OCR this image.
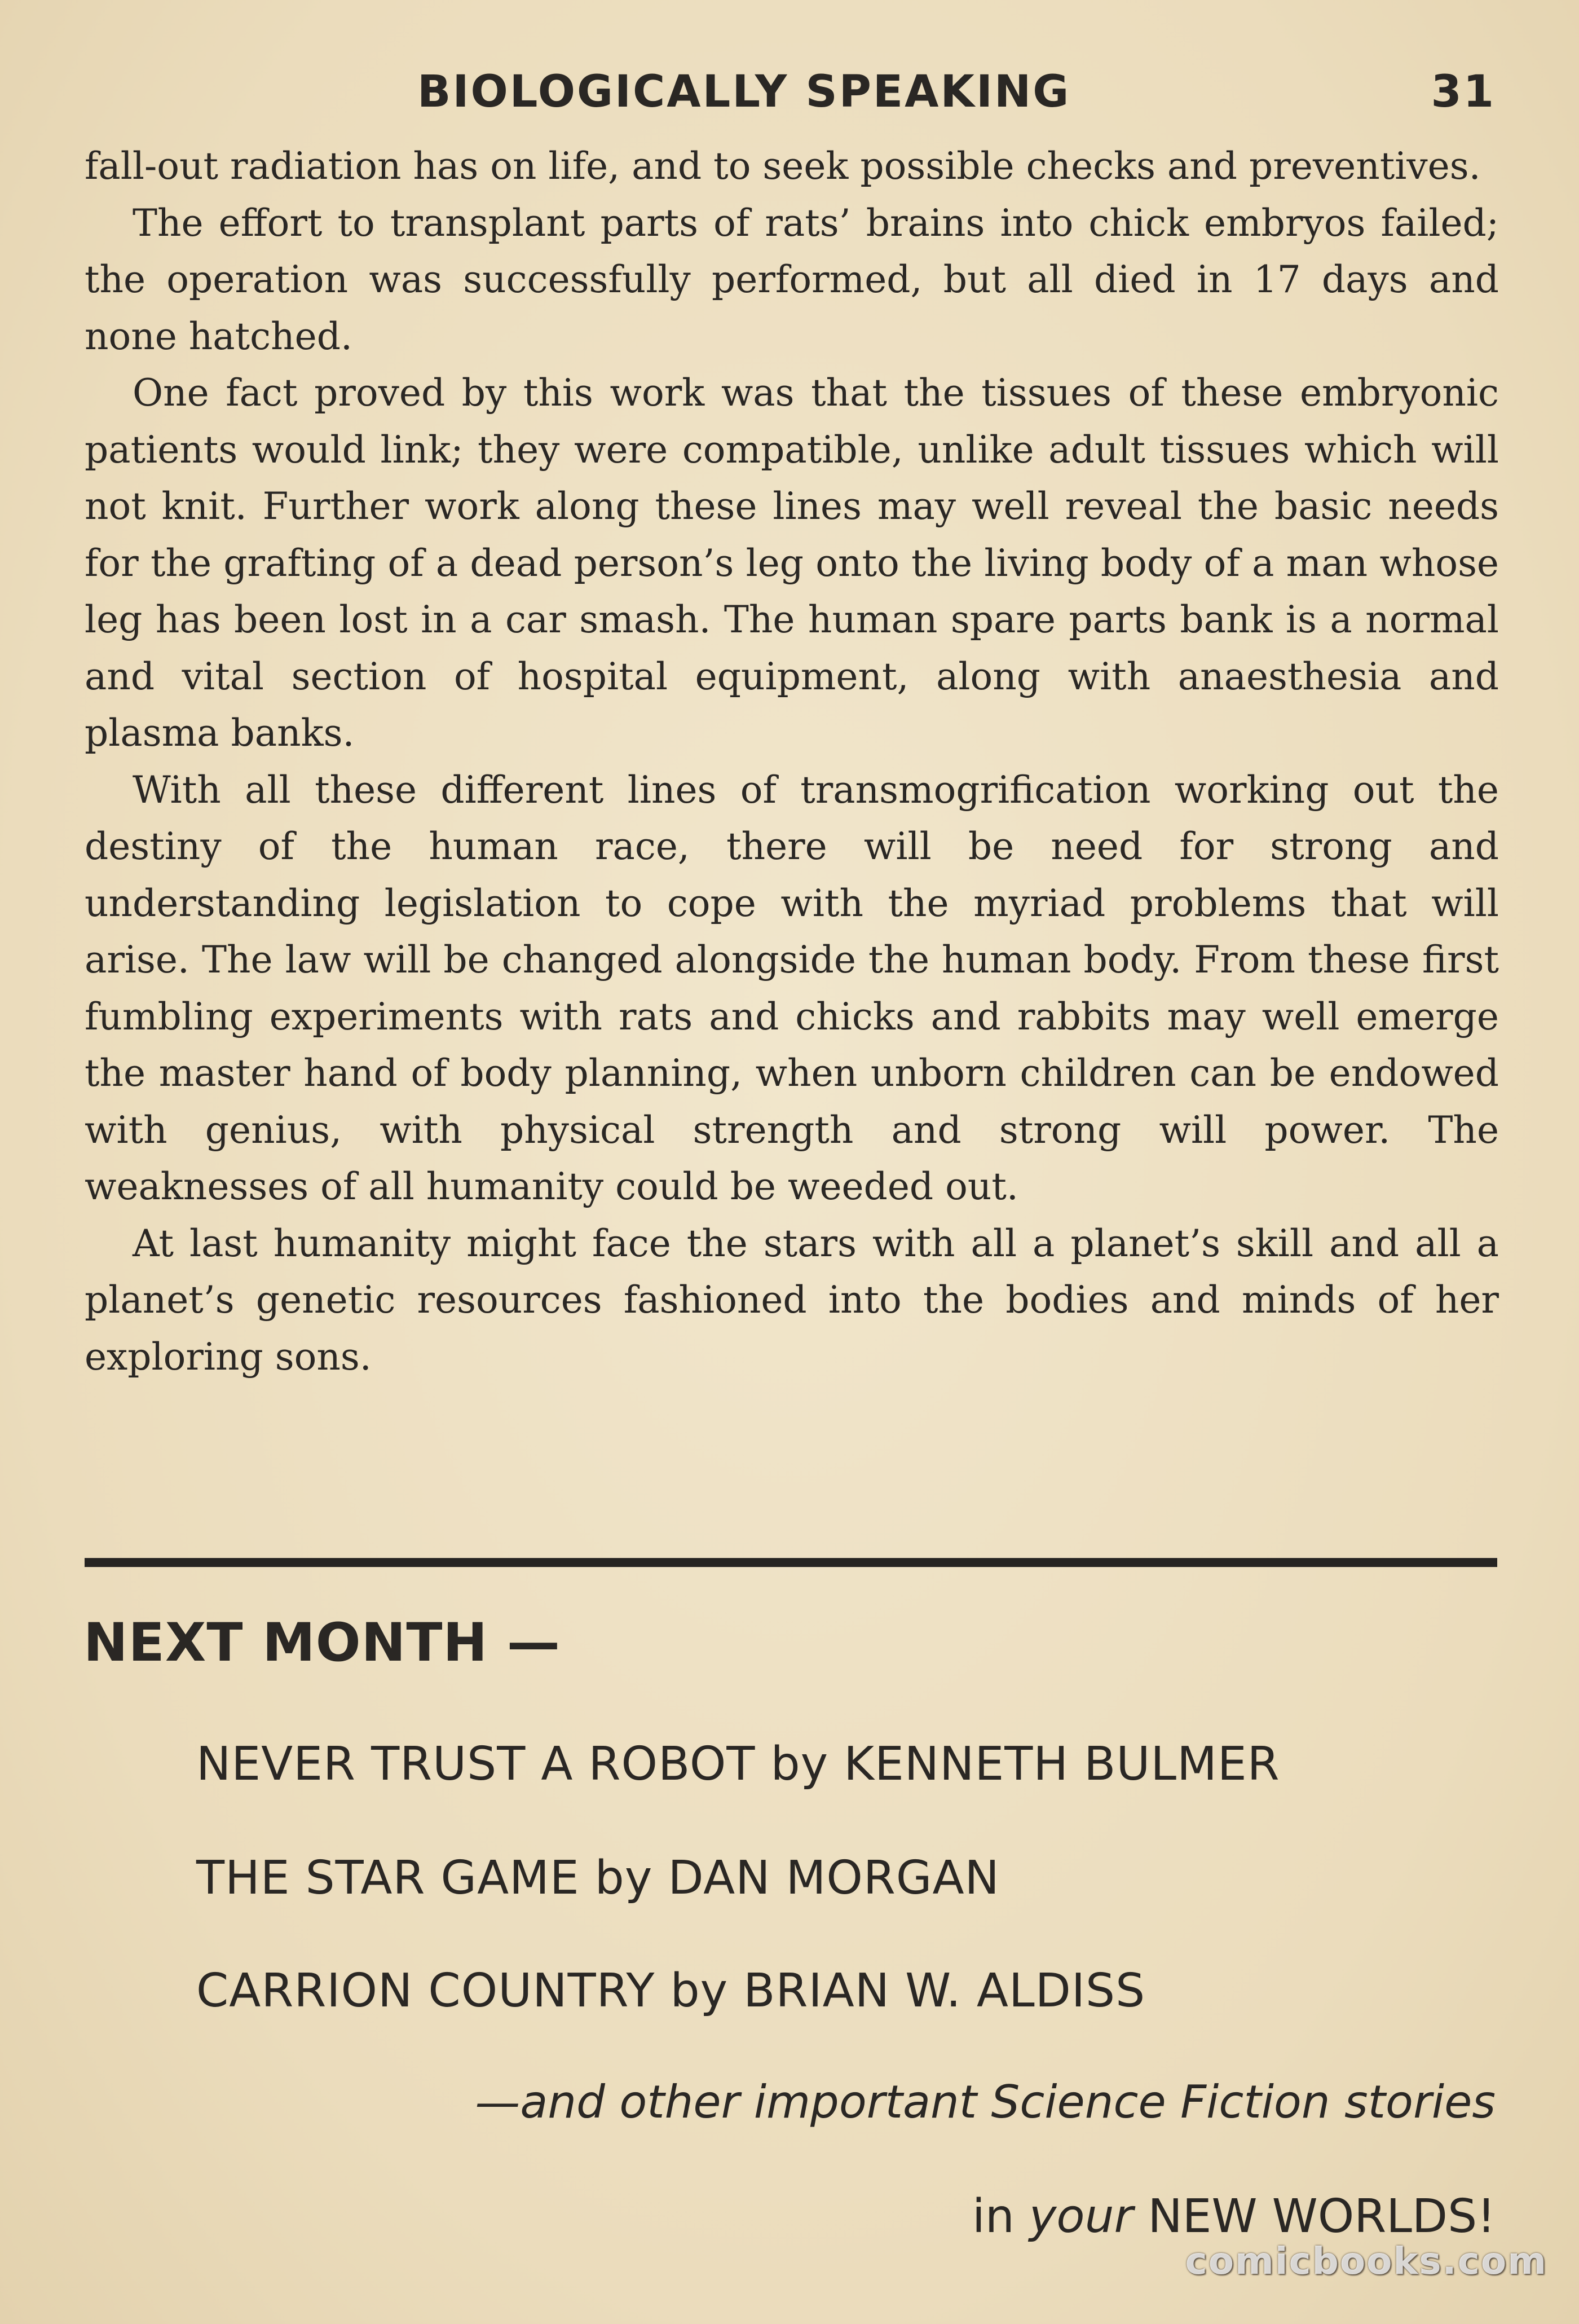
BIOLOGICALLY SPEAKING	31

fall-out radiation has on life, and to seek possible checks and preventives.

The effort to transplant parts of rats’ brains into chick embryos failed; the operation was successfully performed, but all died in 17 days and none hatched.

One fact proved by this work was that the tissues of these embryonic patients would link; they were compatible, unlike adult tissues which will not knit. Further work along these lines may well reveal the basic needs for the grafting of a dead person’s leg onto the living body of a man whose leg has been lost in a car smash. The human spare parts bank is a normal and vital section of hospital equipment, along with anaesthesia and plasma banks.

With all these different lines of transmogrification working out the destiny of the human race, there will be need for strong and understanding legislation to cope with the myriad problems that will arise. The law will be changed alongside the human body. From these first fumbling experiments with rats and chicks and rabbits may well emerge the master hand of body planning, when unborn children can be endowed with genius, with physical strength and strong will power. The weaknesses of all humanity could be weeded out.

At last humanity might face the stars with all a planet’s skill and all a planet’s genetic resources fashioned into the bodies and minds of her exploring sons.

NEXT MONTH —
NEVER TRUST A ROBOT by KENNETH BULMER
THE STAR GAME by DAN MORGAN
CARRION COUNTRY by BRIAN W. ALDISS
—and other important Science Fiction stories
in your NEW WORLDS!
comicbooks.com
